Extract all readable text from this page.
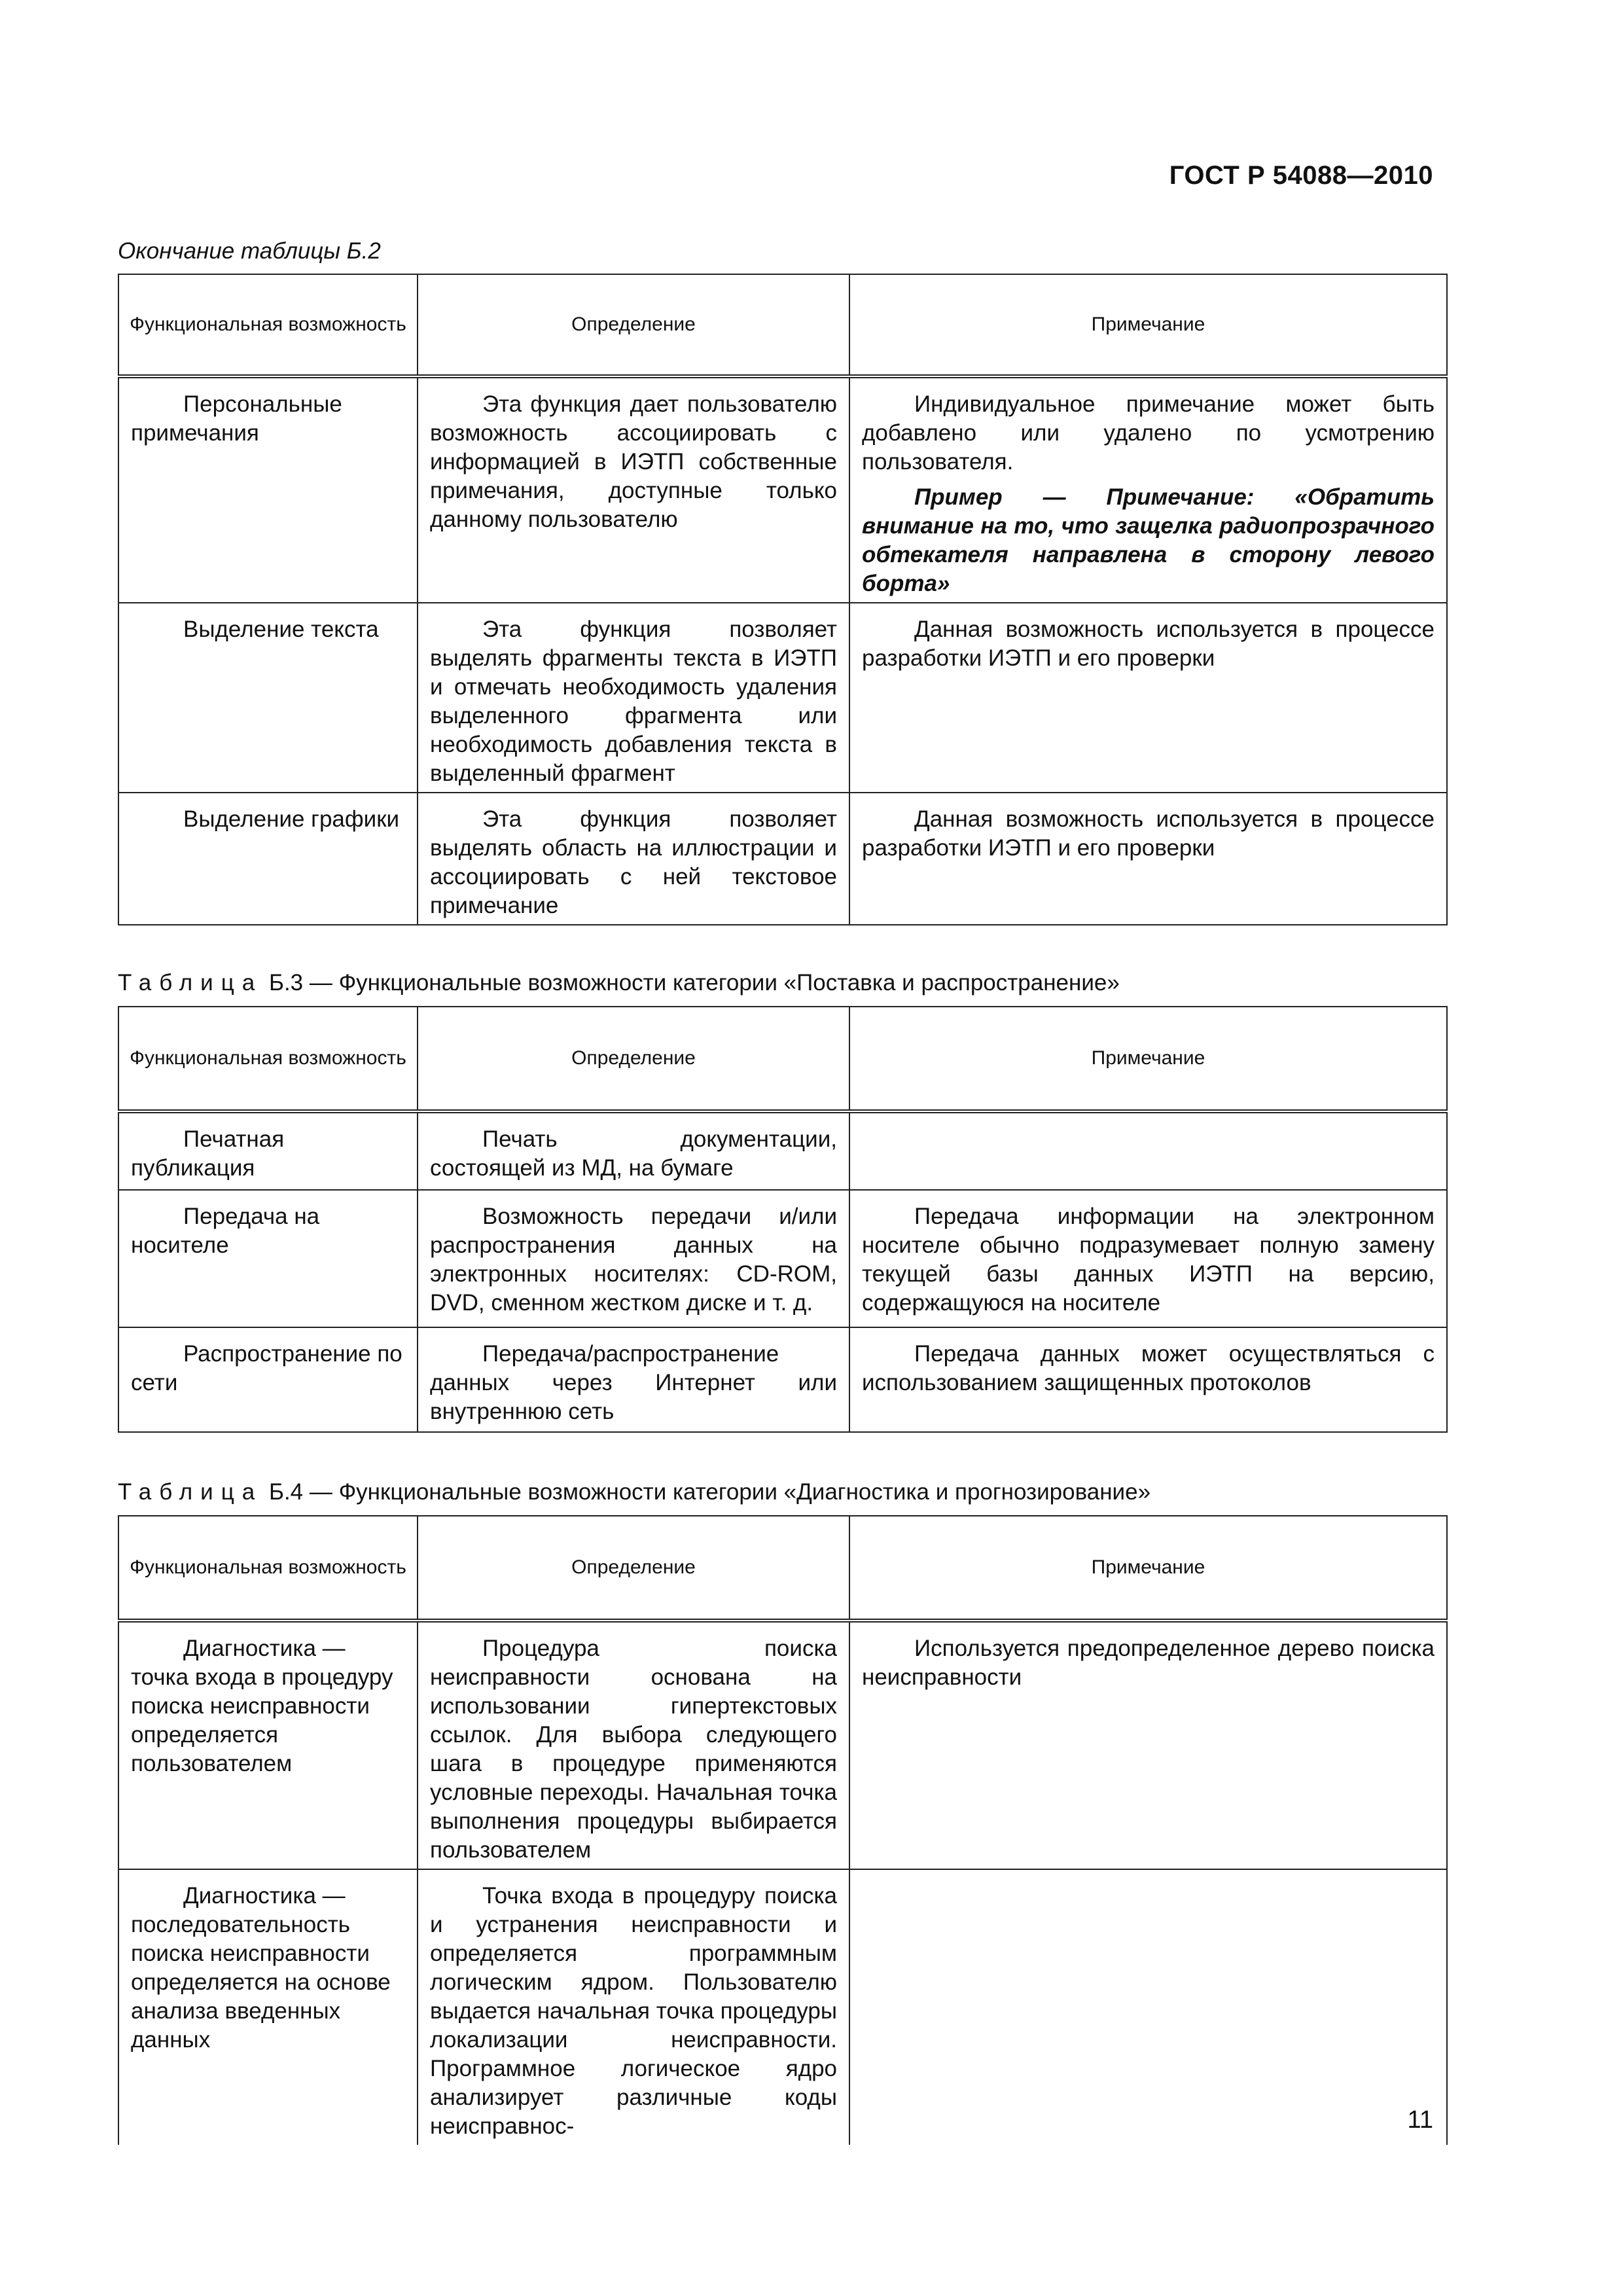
ГОСТ Р 54088—2010
Окончание таблицы Б.2
Функциональная возможность	Определение	Примечание

Персональные примечания	Эта функция дает пользователю возможность ассоциировать с информацией в ИЭТП собственные примечания, доступные только данному пользователю	Индивидуальное примечание может быть добавлено или удалено по усмотрению пользователя.
Пример — Примечание: «Обратить внимание на то, что защелка радиопрозрачного обтекателя направлена в сторону левого борта»

Выделение текста	Эта функция позволяет выделять фрагменты текста в ИЭТП и отмечать необходимость удаления выделенного фрагмента или необходимость добавления текста в выделенный фрагмент	Данная возможность используется в процессе разработки ИЭТП и его проверки

Выделение графики	Эта функция позволяет выделять область на иллюстрации и ассоциировать с ней текстовое примечание	Данная возможность используется в процессе разработки ИЭТП и его проверки
Таблица Б.3 — Функциональные возможности категории «Поставка и распространение»
Функциональная возможность	Определение	Примечание

Печатная публикация	Печать документации, состоящей из МД, на бумаге	

Передача на носителе	Возможность передачи и/или распространения данных на электронных носителях: CD-ROM, DVD, сменном жестком диске и т. д.	Передача информации на электронном носителе обычно подразумевает полную замену текущей базы данных ИЭТП на версию, содержащуюся на носителе

Распространение по сети	Передача/распространение данных через Интернет или внутреннюю сеть	Передача данных может осуществляться с использованием защищенных протоколов
Таблица Б.4 — Функциональные возможности категории «Диагностика и прогнозирование»
Функциональная возможность	Определение	Примечание

Диагностика — точка входа в процедуру поиска неисправности определяется пользователем	Процедура поиска неисправности основана на использовании гипертекстовых ссылок. Для выбора следующего шага в процедуре применяются условные переходы. Начальная точка выполнения процедуры выбирается пользователем	Используется предопределенное дерево поиска неисправности

Диагностика — последовательность поиска неисправности определяется на основе анализа введенных данных	Точка входа в процедуру поиска и устранения неисправности и определяется программным логическим ядром. Пользователю выдается начальная точка процедуры локализации неисправности. Программное логическое ядро анализирует различные коды неисправнос-	
		11
